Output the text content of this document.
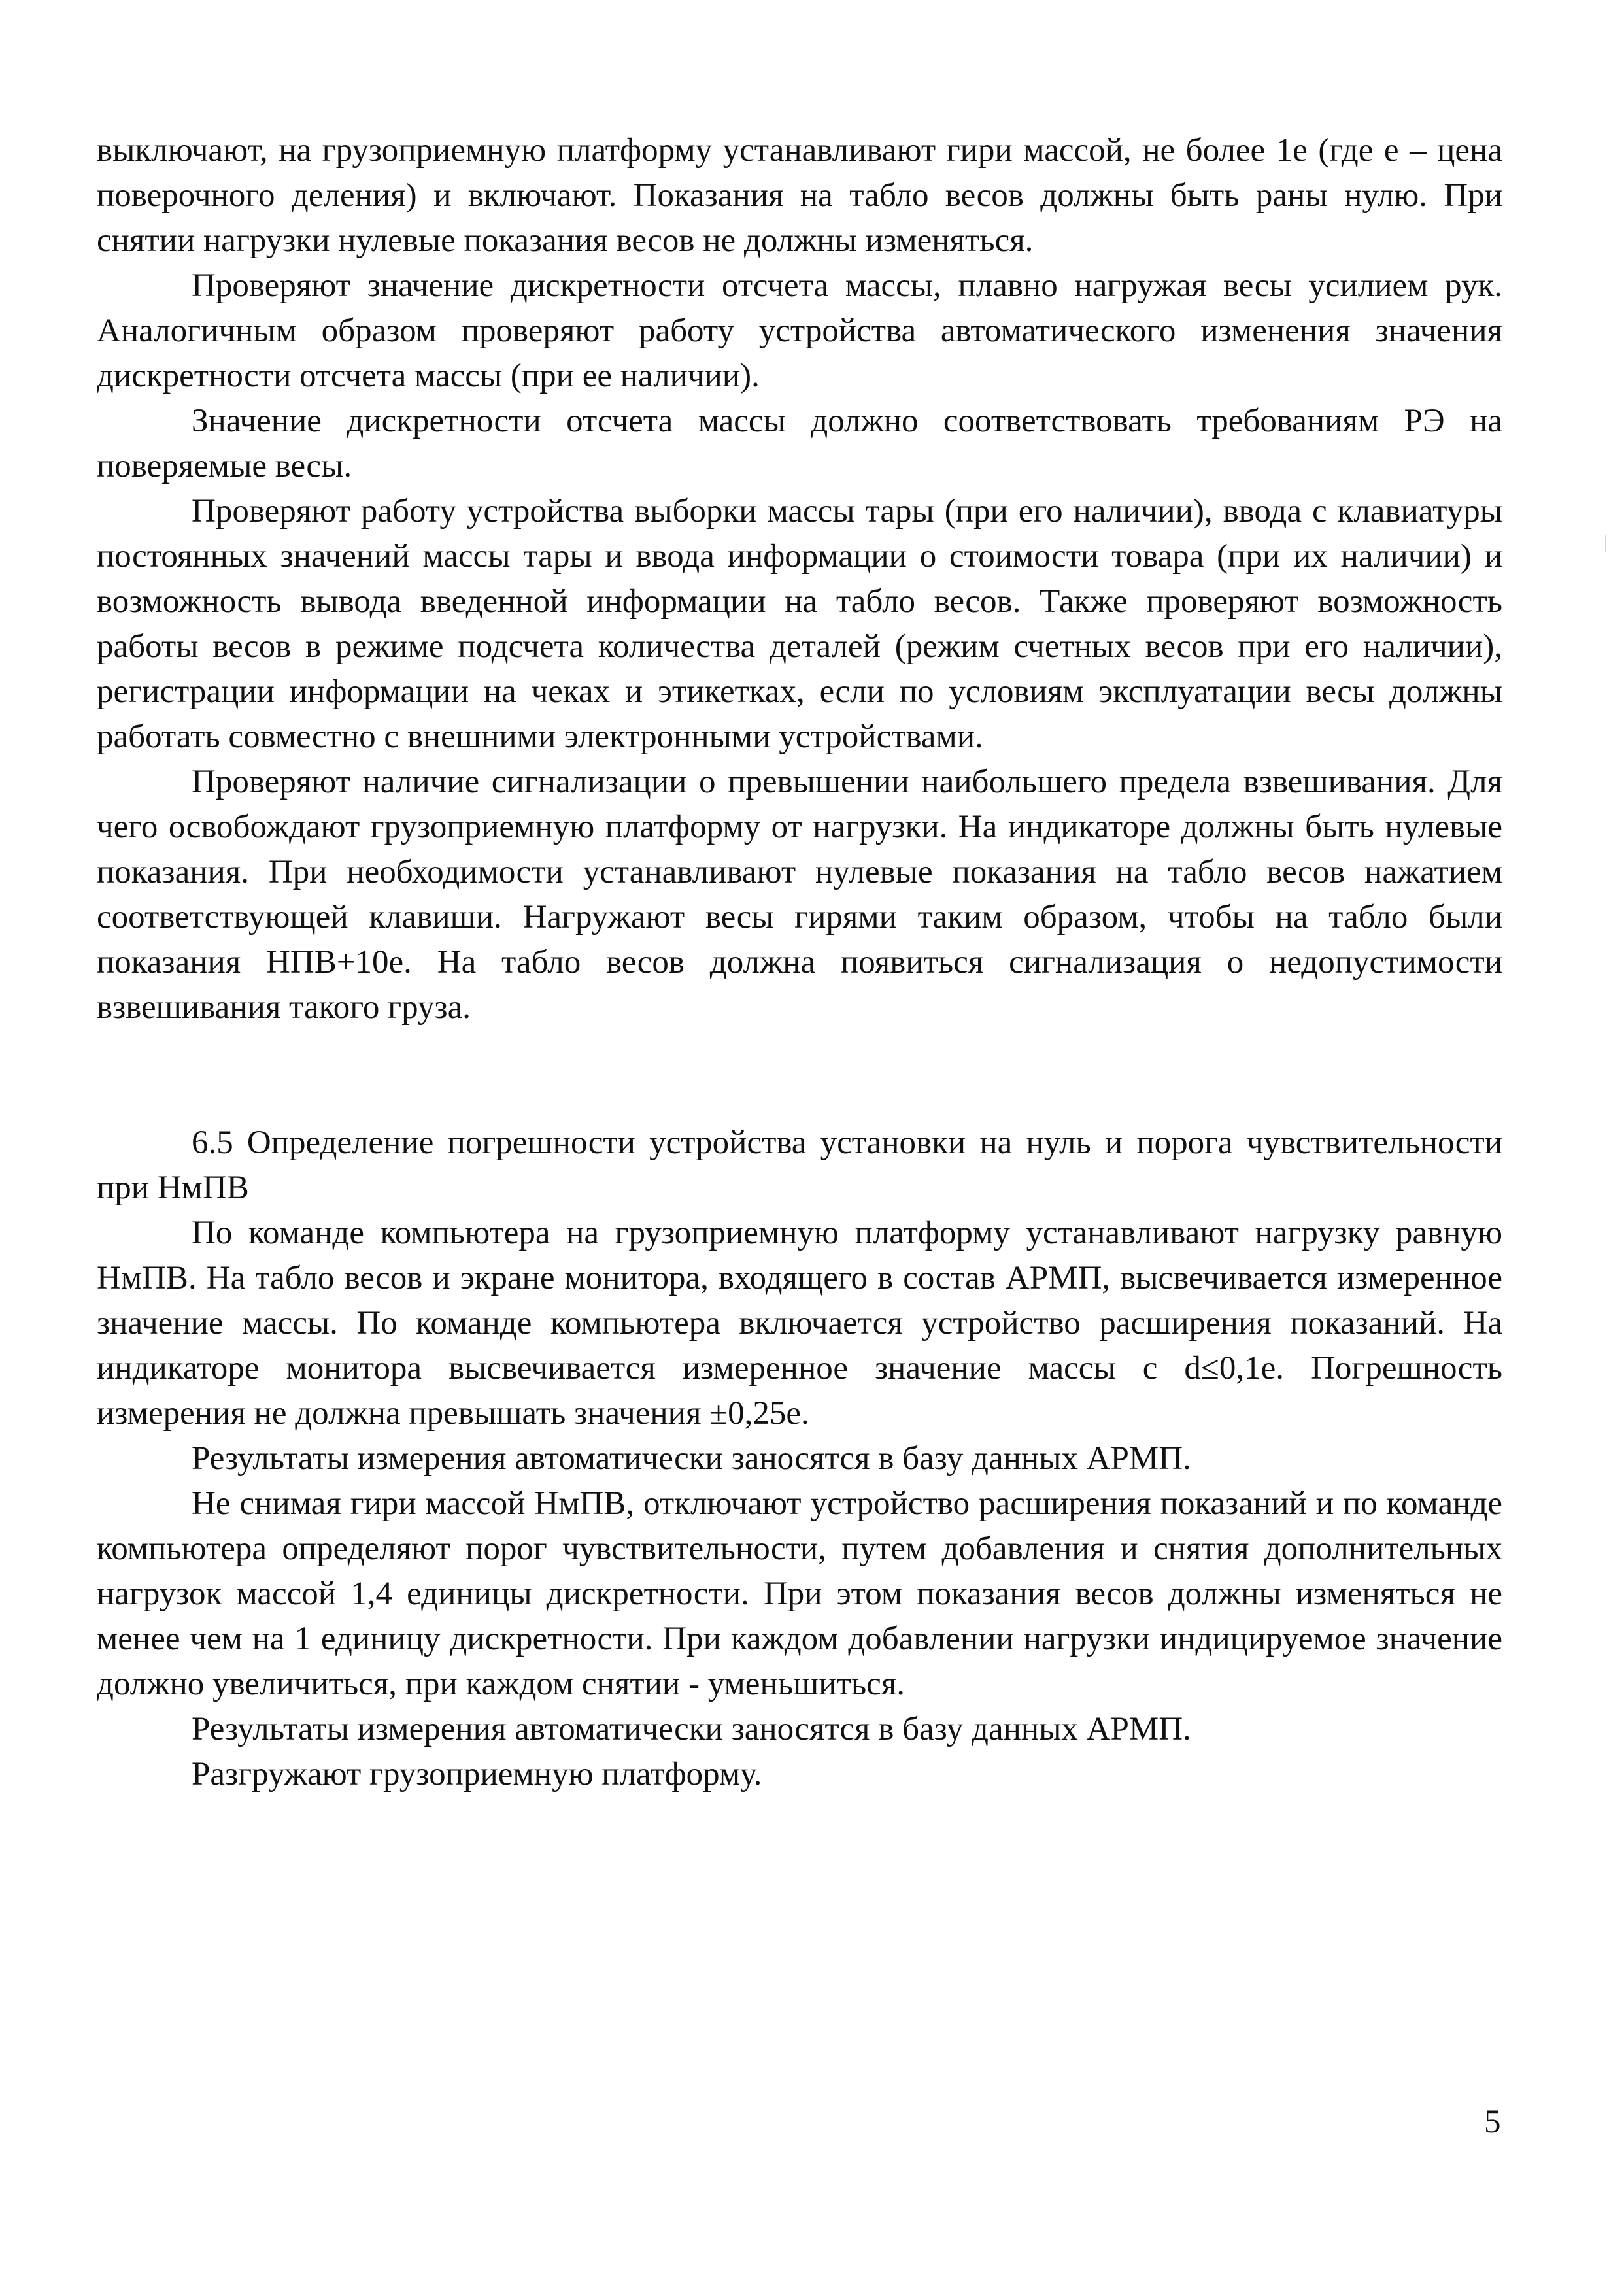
выключают, на грузоприемную платформу устанавливают гири массой, не более 1е (где е – цена поверочного деления) и включают. Показания на табло весов должны быть раны нулю. При снятии нагрузки нулевые показания весов не должны изменяться.

Проверяют значение дискретности отсчета массы, плавно нагружая весы усилием рук. Аналогичным образом проверяют работу устройства автоматического изменения значения дискретности отсчета массы (при ее наличии).

Значение дискретности отсчета массы должно соответствовать требованиям РЭ на поверяемые весы.

Проверяют работу устройства выборки массы тары (при его наличии), ввода с клавиатуры постоянных значений массы тары и ввода информации о стоимости товара (при их наличии) и возможность вывода введенной информации на табло весов. Также проверяют возможность работы весов в режиме подсчета количества деталей (режим счетных весов при его наличии), регистрации информации на чеках и этикетках, если по условиям эксплуатации весы должны работать совместно с внешними электронными устройствами.

Проверяют наличие сигнализации о превышении наибольшего предела взвешивания. Для чего освобождают грузоприемную платформу от нагрузки. На индикаторе должны быть нулевые показания. При необходимости устанавливают нулевые показания на табло весов нажатием соответствующей клавиши. Нагружают весы гирями таким образом, чтобы на табло были показания НПВ+10е. На табло весов должна появиться сигнализация о недопустимости взвешивания такого груза.

6.5 Определение погрешности устройства установки на нуль и порога чувствительности при НмПВ

По команде компьютера на грузоприемную платформу устанавливают нагрузку равную НмПВ. На табло весов и экране монитора, входящего в состав АРМП, высвечивается измеренное значение массы. По команде компьютера включается устройство расширения показаний. На индикаторе монитора высвечивается измеренное значение массы с d≤0,1е. Погрешность измерения не должна превышать значения ±0,25е.

Результаты измерения автоматически заносятся в базу данных АРМП.

Не снимая гири массой НмПВ, отключают устройство расширения показаний и по команде компьютера определяют порог чувствительности, путем добавления и снятия дополнительных нагрузок массой 1,4 единицы дискретности. При этом показания весов должны изменяться не менее чем на 1 единицу дискретности. При каждом добавлении нагрузки индицируемое значение должно увеличиться, при каждом снятии - уменьшиться.

Результаты измерения автоматически заносятся в базу данных АРМП.

Разгружают грузоприемную платформу.

5
